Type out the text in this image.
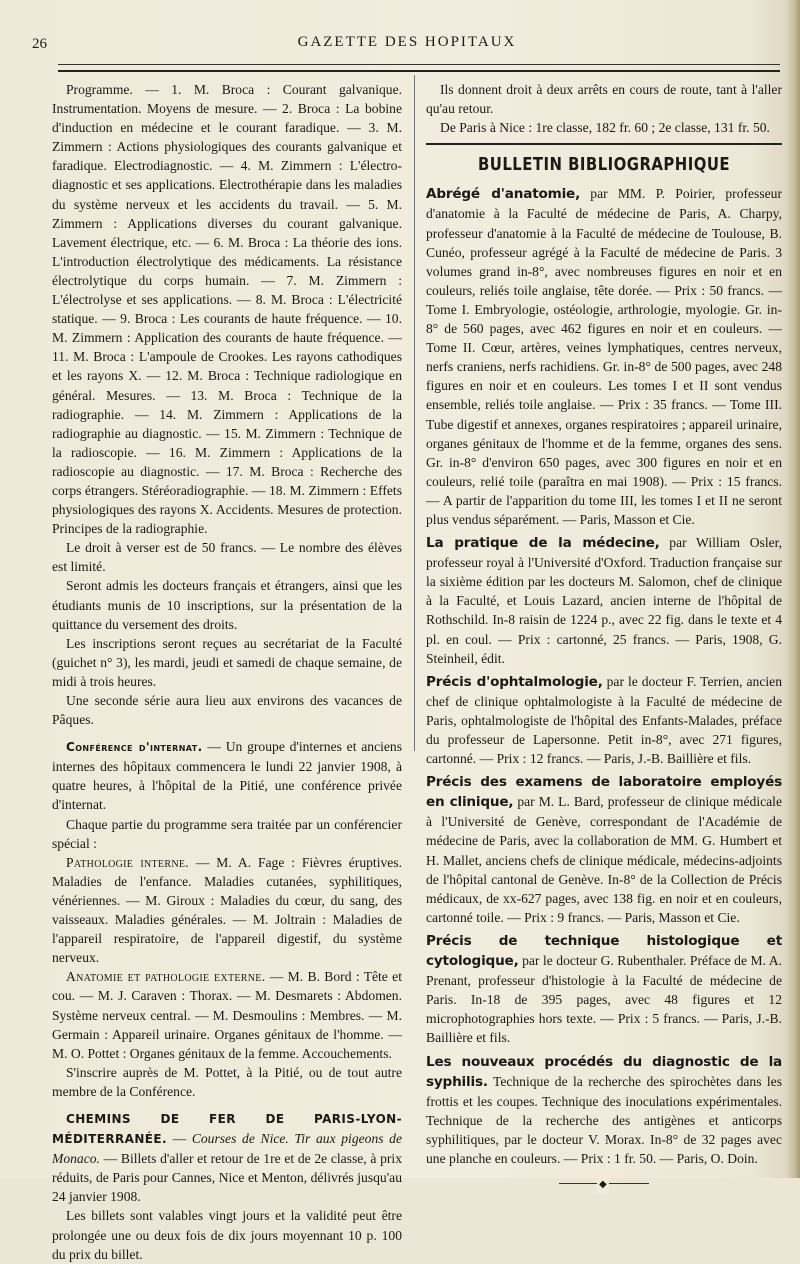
26	GAZETTE DES HOPITAUX

Programme. — 1. M. Broca : Courant galvanique. Instrumentation. Moyens de mesure. — 2. Broca : La bobine d'induction en médecine et le courant faradique. — 3. M. Zimmern : Actions physiologiques des courants galvanique et faradique. Electrodiagnostic. — 4. M. Zimmern : L'électro-diagnostic et ses applications. Electrothérapie dans les maladies du système nerveux et les accidents du travail. — 5. M. Zimmern : Applications diverses du courant galvanique. Lavement électrique, etc. — 6. M. Broca : La théorie des ions. L'introduction électrolytique des médicaments. La résistance électrolytique du corps humain. — 7. M. Zimmern : L'électrolyse et ses applications. — 8. M. Broca : L'électricité statique. — 9. Broca : Les courants de haute fréquence. — 10. M. Zimmern : Application des courants de haute fréquence. — 11. M. Broca : L'ampoule de Crookes. Les rayons cathodiques et les rayons X. — 12. M. Broca : Technique radiologique en général. Mesures. — 13. M. Broca : Technique de la radiographie. — 14. M. Zimmern : Applications de la radiographie au diagnostic. — 15. M. Zimmern : Technique de la radioscopie. — 16. M. Zimmern : Applications de la radioscopie au diagnostic. — 17. M. Broca : Recherche des corps étrangers. Stéréoradiographie. — 18. M. Zimmern : Effets physiologiques des rayons X. Accidents. Mesures de protection. Principes de la radiographie.

Le droit à verser est de 50 francs. — Le nombre des élèves est limité.

Seront admis les docteurs français et étrangers, ainsi que les étudiants munis de 10 inscriptions, sur la présentation de la quittance du versement des droits.

Les inscriptions seront reçues au secrétariat de la Faculté (guichet n° 3), les mardi, jeudi et samedi de chaque semaine, de midi à trois heures.

Une seconde série aura lieu aux environs des vacances de Pâques.

Conférence d'internat. — Un groupe d'internes et anciens internes des hôpitaux commencera le lundi 22 janvier 1908, à quatre heures, à l'hôpital de la Pitié, une conférence privée d'internat.

Chaque partie du programme sera traitée par un conférencier spécial :

Pathologie interne. — M. A. Fage : Fièvres éruptives. Maladies de l'enfance. Maladies cutanées, syphilitiques, vénériennes. — M. Giroux : Maladies du cœur, du sang, des vaisseaux. Maladies générales. — M. Joltrain : Maladies de l'appareil respiratoire, de l'appareil digestif, du système nerveux.

Anatomie et pathologie externe. — M. B. Bord : Tête et cou. — M. J. Caraven : Thorax. — M. Desmarets : Abdomen. Système nerveux central. — M. Desmoulins : Membres. — M. Germain : Appareil urinaire. Organes génitaux de l'homme. — M. O. Pottet : Organes génitaux de la femme. Accouchements.

S'inscrire auprès de M. Pottet, à la Pitié, ou de tout autre membre de la Conférence.

CHEMINS DE FER DE PARIS-LYON-MÉDITERRANÉE. — Courses de Nice. Tir aux pigeons de Monaco. — Billets d'aller et retour de 1re et de 2e classe, à prix réduits, de Paris pour Cannes, Nice et Menton, délivrés jusqu'au 24 janvier 1908.

Les billets sont valables vingt jours et la validité peut être prolongée une ou deux fois de dix jours moyennant 10 p. 100 du prix du billet.

Ils donnent droit à deux arrêts en cours de route, tant à l'aller qu'au retour.

De Paris à Nice : 1re classe, 182 fr. 60 ; 2e classe, 131 fr. 50.

BULLETIN BIBLIOGRAPHIQUE
Abrégé d'anatomie, par MM. P. Poirier, professeur d'anatomie à la Faculté de médecine de Paris, A. Charpy, professeur d'anatomie à la Faculté de médecine de Toulouse, B. Cunéo, professeur agrégé à la Faculté de médecine de Paris. 3 volumes grand in-8°, avec nombreuses figures en noir et en couleurs, reliés toile anglaise, tête dorée. — Prix : 50 francs. — Tome I. Embryologie, ostéologie, arthrologie, myologie. Gr. in-8° de 560 pages, avec 462 figures en noir et en couleurs. — Tome II. Cœur, artères, veines lymphatiques, centres nerveux, nerfs craniens, nerfs rachidiens. Gr. in-8° de 500 pages, avec 248 figures en noir et en couleurs. Les tomes I et II sont vendus ensemble, reliés toile anglaise. — Prix : 35 francs. — Tome III. Tube digestif et annexes, organes respiratoires ; appareil urinaire, organes génitaux de l'homme et de la femme, organes des sens. Gr. in-8° d'environ 650 pages, avec 300 figures en noir et en couleurs, relié toile (paraîtra en mai 1908). — Prix : 15 francs. — A partir de l'apparition du tome III, les tomes I et II ne seront plus vendus séparément. — Paris, Masson et Cie.
La pratique de la médecine, par William Osler, professeur royal à l'Université d'Oxford. Traduction française sur la sixième édition par les docteurs M. Salomon, chef de clinique à la Faculté, et Louis Lazard, ancien interne de l'hôpital de Rothschild. In-8 raisin de 1224 p., avec 22 fig. dans le texte et 4 pl. en coul. — Prix : cartonné, 25 francs. — Paris, 1908, G. Steinheil, édit.
Précis d'ophtalmologie, par le docteur F. Terrien, ancien chef de clinique ophtalmologiste à la Faculté de médecine de Paris, ophtalmologiste de l'hôpital des Enfants-Malades, préface du professeur de Lapersonne. Petit in-8°, avec 271 figures, cartonné. — Prix : 12 francs. — Paris, J.-B. Baillière et fils.
Précis des examens de laboratoire employés en clinique, par M. L. Bard, professeur de clinique médicale à l'Université de Genève, correspondant de l'Académie de médecine de Paris, avec la collaboration de MM. G. Humbert et H. Mallet, anciens chefs de clinique médicale, médecins-adjoints de l'hôpital cantonal de Genève. In-8° de la Collection de Précis médicaux, de xx-627 pages, avec 138 fig. en noir et en couleurs, cartonné toile. — Prix : 9 francs. — Paris, Masson et Cie.
Précis de technique histologique et cytologique, par le docteur G. Rubenthaler. Préface de M. A. Prenant, professeur d'histologie à la Faculté de médecine de Paris. In-18 de 395 pages, avec 48 figures et 12 microphotographies hors texte. — Prix : 5 francs. — Paris, J.-B. Baillière et fils.
Les nouveaux procédés du diagnostic de la syphilis. Technique de la recherche des spirochètes dans les frottis et les coupes. Technique des inoculations expérimentales. Technique de la recherche des antigènes et anticorps syphilitiques, par le docteur V. Morax. In-8° de 32 pages avec une planche en couleurs. — Prix : 1 fr. 50. — Paris, O. Doin.
◆
